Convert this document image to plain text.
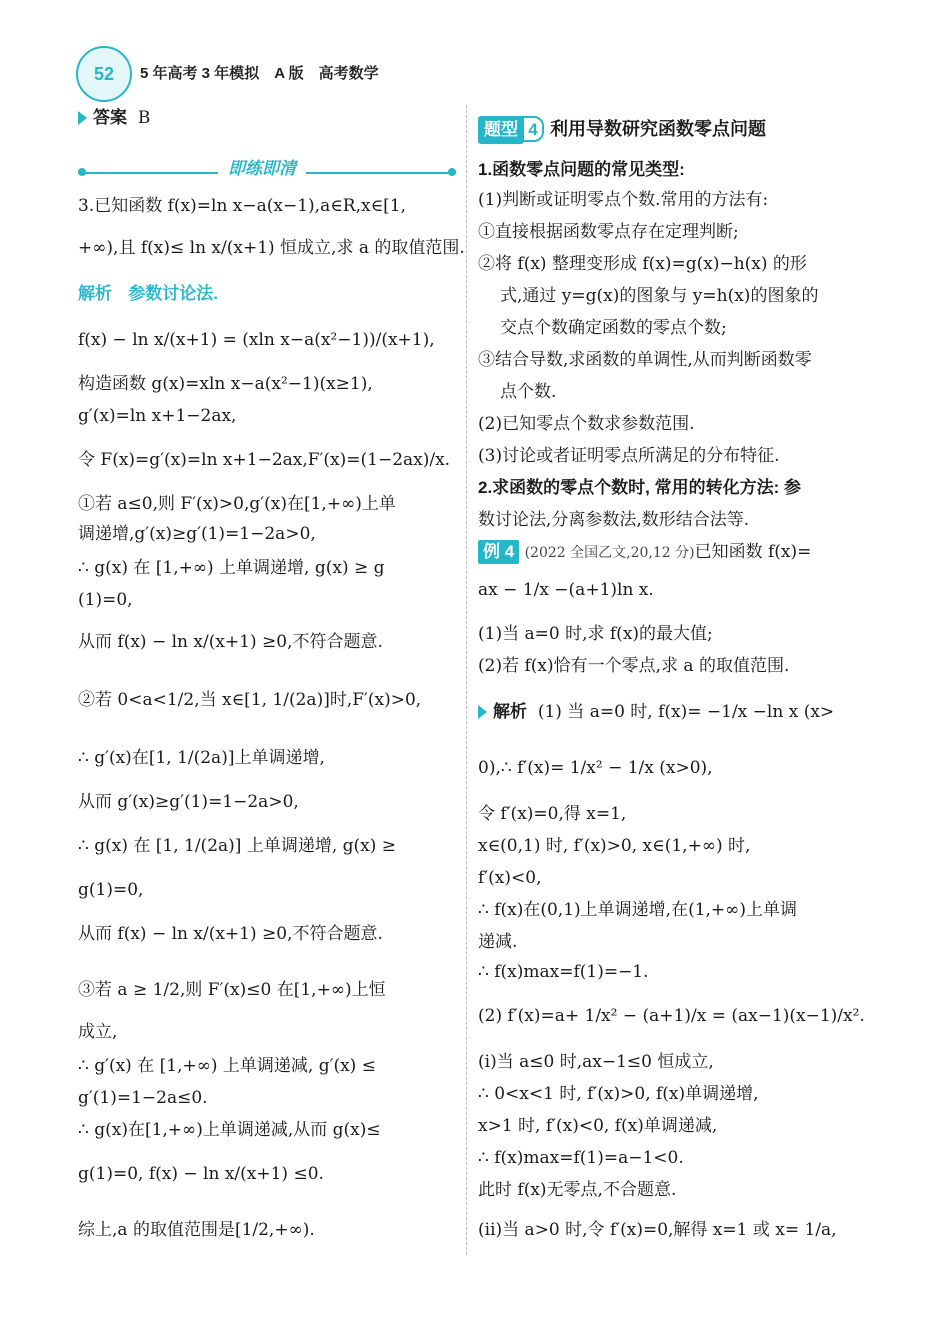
52	5 年高考 3 年模拟　A 版　高考数学
答案 B
即练即清
3.已知函数 f(x)=ln x−a(x−1),a∈R,x∈[1,
+∞),且 f(x)≤ ln x/(x+1) 恒成立,求 a 的取值范围.
解析 参数讨论法.
f(x) − ln x/(x+1) = (xln x−a(x²−1))/(x+1),
构造函数 g(x)=xln x−a(x²−1)(x≥1),
g′(x)=ln x+1−2ax,
令 F(x)=g′(x)=ln x+1−2ax,F′(x)=(1−2ax)/x.
①若 a≤0,则 F′(x)>0,g′(x)在[1,+∞)上单
调递增,g′(x)≥g′(1)=1−2a>0,
∴ g(x) 在 [1,+∞) 上单调递增, g(x) ≥ g
(1)=0,
从而 f(x) − ln x/(x+1) ≥0,不符合题意.
②若 0<a<1/2,当 x∈[1, 1/(2a)]时,F′(x)>0,
∴ g′(x)在[1, 1/(2a)]上单调递增,
从而 g′(x)≥g′(1)=1−2a>0,
∴ g(x) 在 [1, 1/(2a)] 上单调递增, g(x) ≥
g(1)=0,
从而 f(x) − ln x/(x+1) ≥0,不符合题意.
③若 a ≥ 1/2,则 F′(x)≤0 在[1,+∞)上恒
成立,
∴ g′(x) 在 [1,+∞) 上单调递减, g′(x) ≤
g′(1)=1−2a≤0.
∴ g(x)在[1,+∞)上单调递减,从而 g(x)≤
g(1)=0, f(x) − ln x/(x+1) ≤0.
综上,a 的取值范围是[1/2,+∞).
题型 4 利用导数研究函数零点问题
1.函数零点问题的常见类型:
(1)判断或证明零点个数.常用的方法有:
①直接根据函数零点存在定理判断;
②将 f(x) 整理变形成 f(x)=g(x)−h(x) 的形
式,通过 y=g(x)的图象与 y=h(x)的图象的
交点个数确定函数的零点个数;
③结合导数,求函数的单调性,从而判断函数零
点个数.
(2)已知零点个数求参数范围.
(3)讨论或者证明零点所满足的分布特征.
2.求函数的零点个数时, 常用的转化方法: 参
数讨论法,分离参数法,数形结合法等.
例 4 (2022 全国乙文,20,12 分)已知函数 f(x)=
ax − 1/x −(a+1)ln x.
(1)当 a=0 时,求 f(x)的最大值;
(2)若 f(x)恰有一个零点,求 a 的取值范围.
解析 (1) 当 a=0 时, f(x)= −1/x −ln x (x>
0),∴ f′(x)= 1/x² − 1/x (x>0),
令 f′(x)=0,得 x=1,
x∈(0,1) 时, f′(x)>0, x∈(1,+∞) 时,
f′(x)<0,
∴ f(x)在(0,1)上单调递增,在(1,+∞)上单调
递减.
∴ f(x)max=f(1)=−1.
(2) f′(x)=a+ 1/x² − (a+1)/x = (ax−1)(x−1)/x².
(i)当 a≤0 时,ax−1≤0 恒成立,
∴ 0<x<1 时, f′(x)>0, f(x)单调递增,
x>1 时, f′(x)<0, f(x)单调递减,
∴ f(x)max=f(1)=a−1<0.
此时 f(x)无零点,不合题意.
(ii)当 a>0 时,令 f′(x)=0,解得 x=1 或 x= 1/a,
